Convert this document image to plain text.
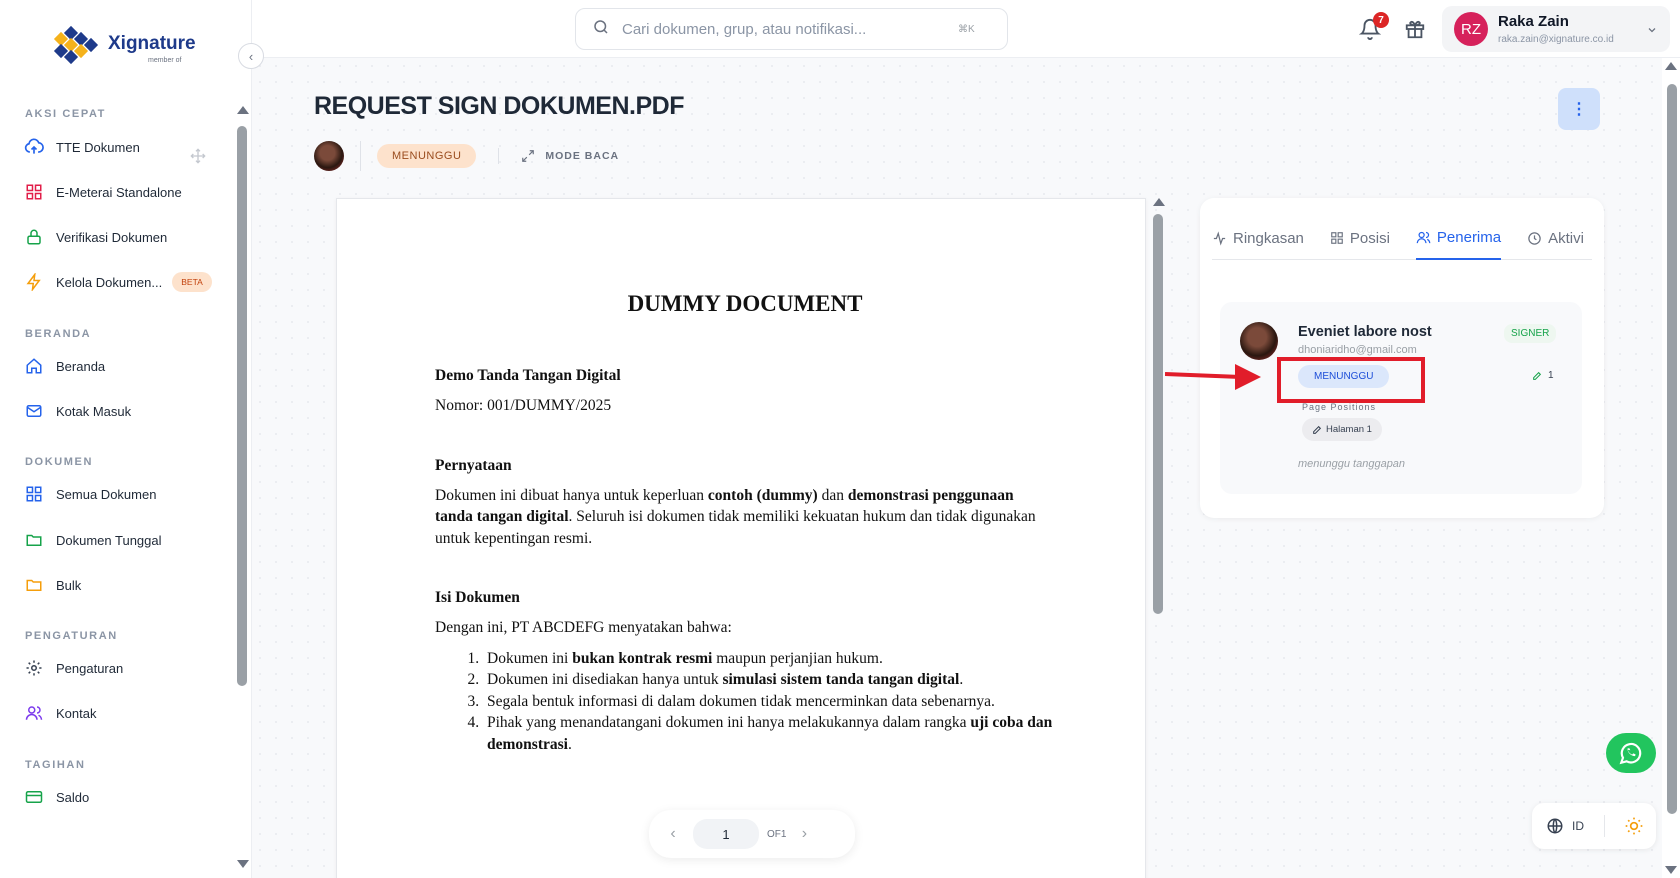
Xignature
member of
AKSI CEPAT
TTE Dokumen
E-Meterai Standalone
Verifikasi Dokumen
Kelola Dokumen...	BETA
BERANDA
Beranda
Kotak Masuk
DOKUMEN
Semua Dokumen
Dokumen Tunggal
Bulk
PENGATURAN
Pengaturan
Kontak
TAGIHAN
Saldo
‹
Cari dokumen, grup, atau notifikasi...
⌘K
7
RZ	Raka Zain
raka.zain@xignature.co.id
REQUEST SIGN DOKUMEN.PDF	⋮
MENUNGGU	MODE BACA
DUMMY DOCUMENT
Demo Tanda Tangan Digital
Nomor: 001/DUMMY/2025
Pernyataan

Dokumen ini dibuat hanya untuk keperluan contoh (dummy) dan demonstrasi penggunaan tanda tangan digital. Seluruh isi dokumen tidak memiliki kekuatan hukum dan tidak digunakan untuk kepentingan resmi.

Isi Dokumen

Dengan ini, PT ABCDEFG menyatakan bahwa:

1. Dokumen ini bukan kontrak resmi maupun perjanjian hukum.
2. Dokumen ini disediakan hanya untuk simulasi sistem tanda tangan digital.
3. Segala bentuk informasi di dalam dokumen tidak mencerminkan data sebenarnya.
4. Pihak yang menandatangani dokumen ini hanya melakukannya dalam rangka uji coba dan demonstrasi.
‹	1	OF1 ›
Ringkasan	Posisi	Penerima	Aktivi
Eveniet labore nost
dhoniaridho@gmail.com
SIGNER
MENUNGGU	1
Page Positions
Halaman 1
menunggu tanggapan
ID
